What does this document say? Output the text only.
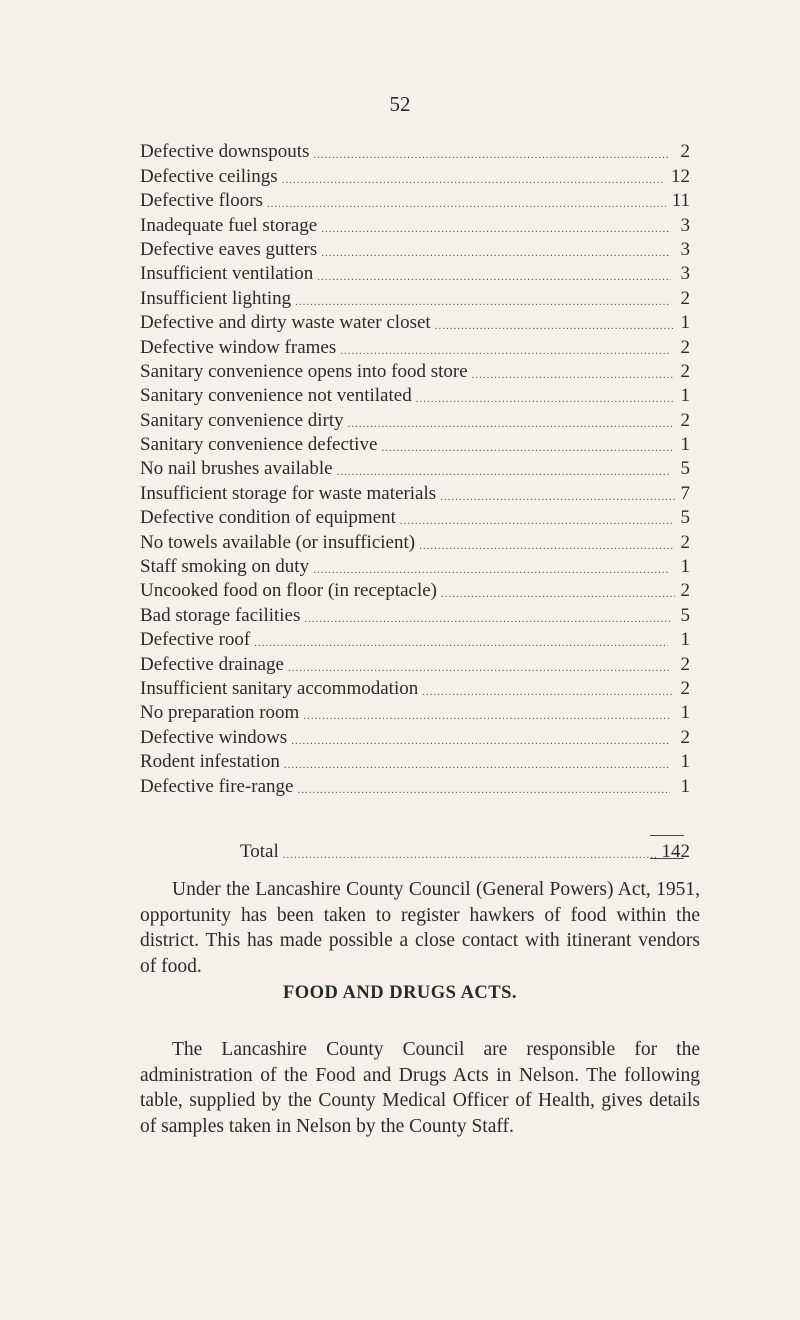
52
Defective downspouts .....	2
Defective ceilings .....	12
Defective floors .....	11
Inadequate fuel storage .....	3
Defective eaves gutters .....	3
Insufficient ventilation .....	3
Insufficient lighting .....	2
Defective and dirty waste water closet .....	1
Defective window frames .....	2
Sanitary convenience opens into food store .....	2
Sanitary convenience not ventilated .....	1
Sanitary convenience dirty .....	2
Sanitary convenience defective .....	1
No nail brushes available .....	5
Insufficient storage for waste materials .....	7
Defective condition of equipment .....	5
No towels available (or insufficient) .....	2
Staff smoking on duty .....	1
Uncooked food on floor (in receptacle) .....	2
Bad storage facilities .....	5
Defective roof .....	1
Defective drainage .....	2
Insufficient sanitary accommodation .....	2
No preparation room .....	1
Defective windows .....	2
Rodent infestation .....	1
Defective fire-range .....	1
Total .....	142

Under the Lancashire County Council (General Powers) Act, 1951, opportunity has been taken to register hawkers of food within the district. This has made possible a close contact with itinerant vendors of food.

FOOD AND DRUGS ACTS.

The Lancashire County Council are responsible for the administration of the Food and Drugs Acts in Nelson. The following table, supplied by the County Medical Officer of Health, gives details of samples taken in Nelson by the County Staff.
